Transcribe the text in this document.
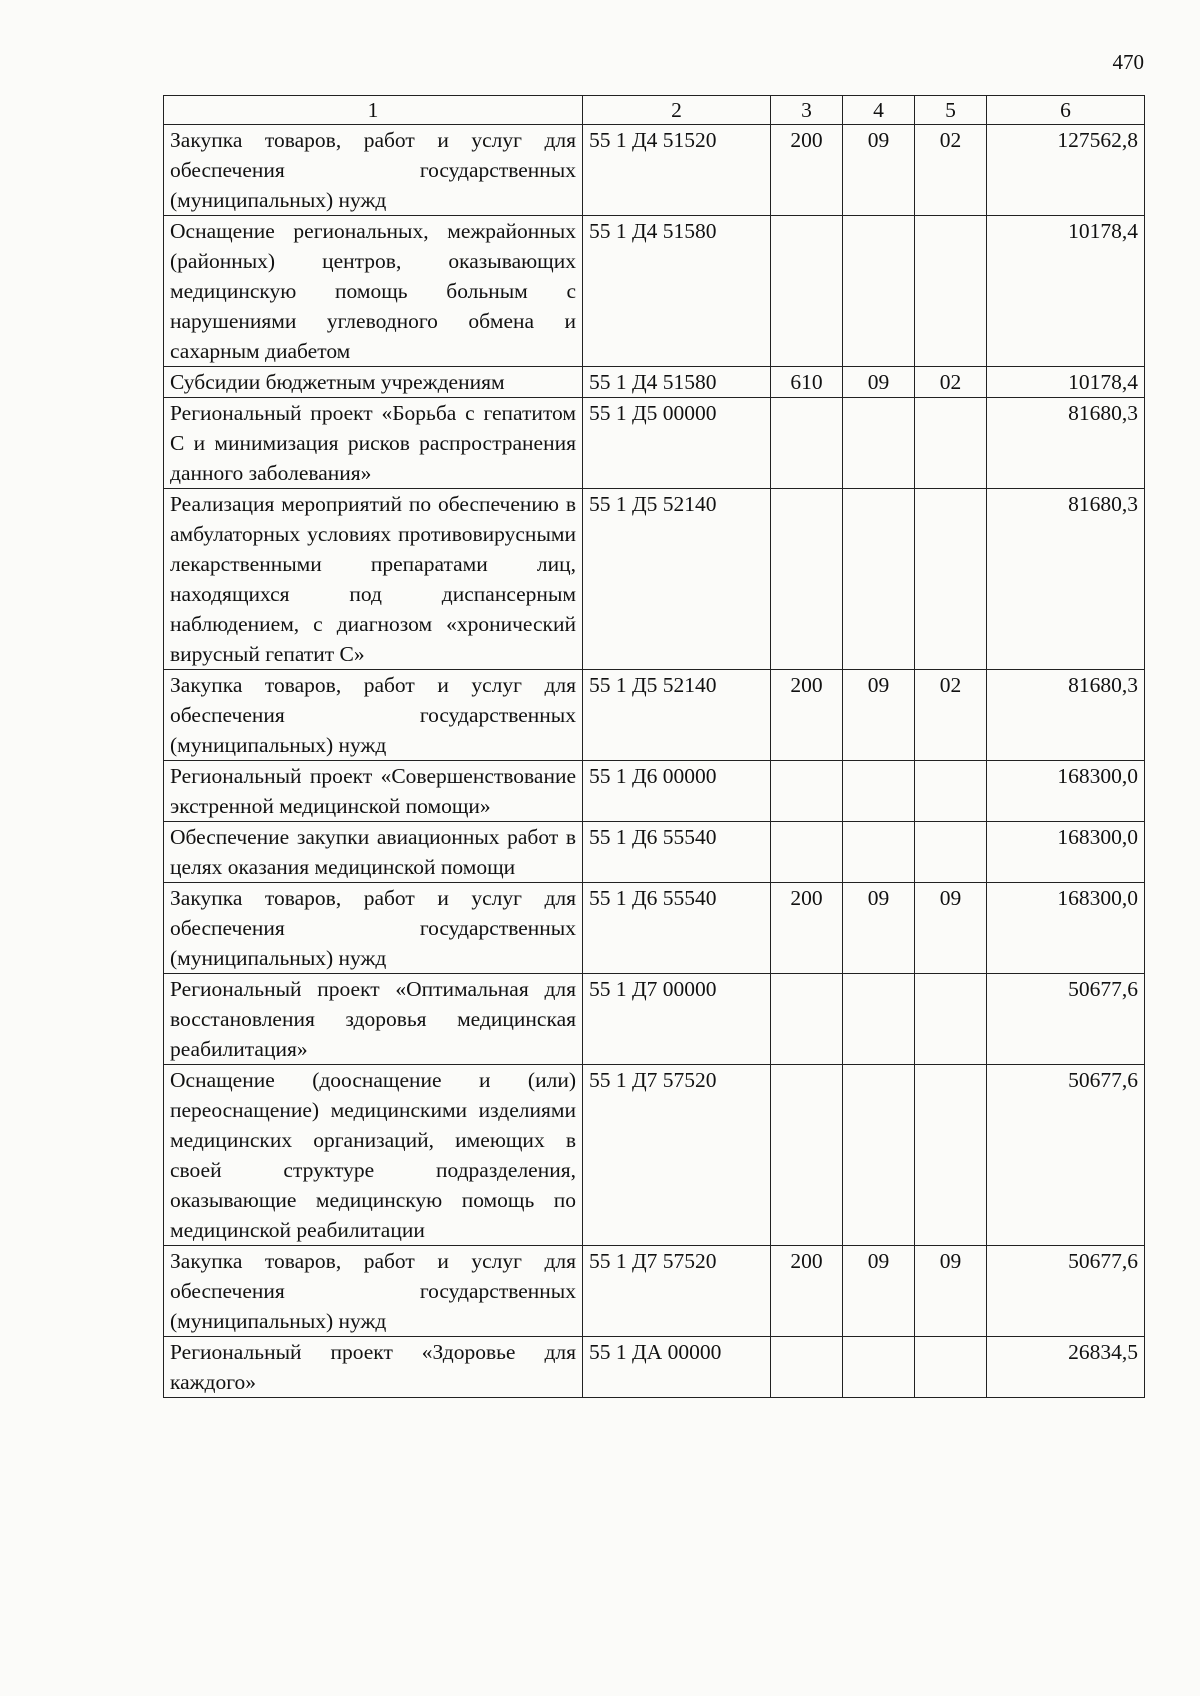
470
1	2	3	4	5	6
Закупка товаров, работ и услуг для обеспечения государственных (муниципальных) нужд	55 1 Д4 51520	200	09	02	127562,8
Оснащение региональных, межрайонных (районных) центров, оказывающих медицинскую помощь больным с нарушениями углеводного обмена и сахарным диабетом	55 1 Д4 51580				10178,4
Субсидии бюджетным учреждениям	55 1 Д4 51580	610	09	02	10178,4
Региональный проект «Борьба с гепатитом С и минимизация рисков распространения данного заболевания»	55 1 Д5 00000				81680,3
Реализация мероприятий по обеспечению в амбулаторных условиях противовирусными лекарственными препаратами лиц, находящихся под диспансерным наблюдением, с диагнозом «хронический вирусный гепатит С»	55 1 Д5 52140				81680,3
Закупка товаров, работ и услуг для обеспечения государственных (муниципальных) нужд	55 1 Д5 52140	200	09	02	81680,3
Региональный проект «Совершенствование экстренной медицинской помощи»	55 1 Д6 00000				168300,0
Обеспечение закупки авиационных работ в целях оказания медицинской помощи	55 1 Д6 55540				168300,0
Закупка товаров, работ и услуг для обеспечения государственных (муниципальных) нужд	55 1 Д6 55540	200	09	09	168300,0
Региональный проект «Оптимальная для восстановления здоровья медицинская реабилитация»	55 1 Д7 00000				50677,6
Оснащение (дооснащение и (или) переоснащение) медицинскими изделиями медицинских организаций, имеющих в своей структуре подразделения, оказывающие медицинскую помощь по медицинской реабилитации	55 1 Д7 57520				50677,6
Закупка товаров, работ и услуг для обеспечения государственных (муниципальных) нужд	55 1 Д7 57520	200	09	09	50677,6
Региональный проект «Здоровье для каждого»	55 1 ДА 00000				26834,5
